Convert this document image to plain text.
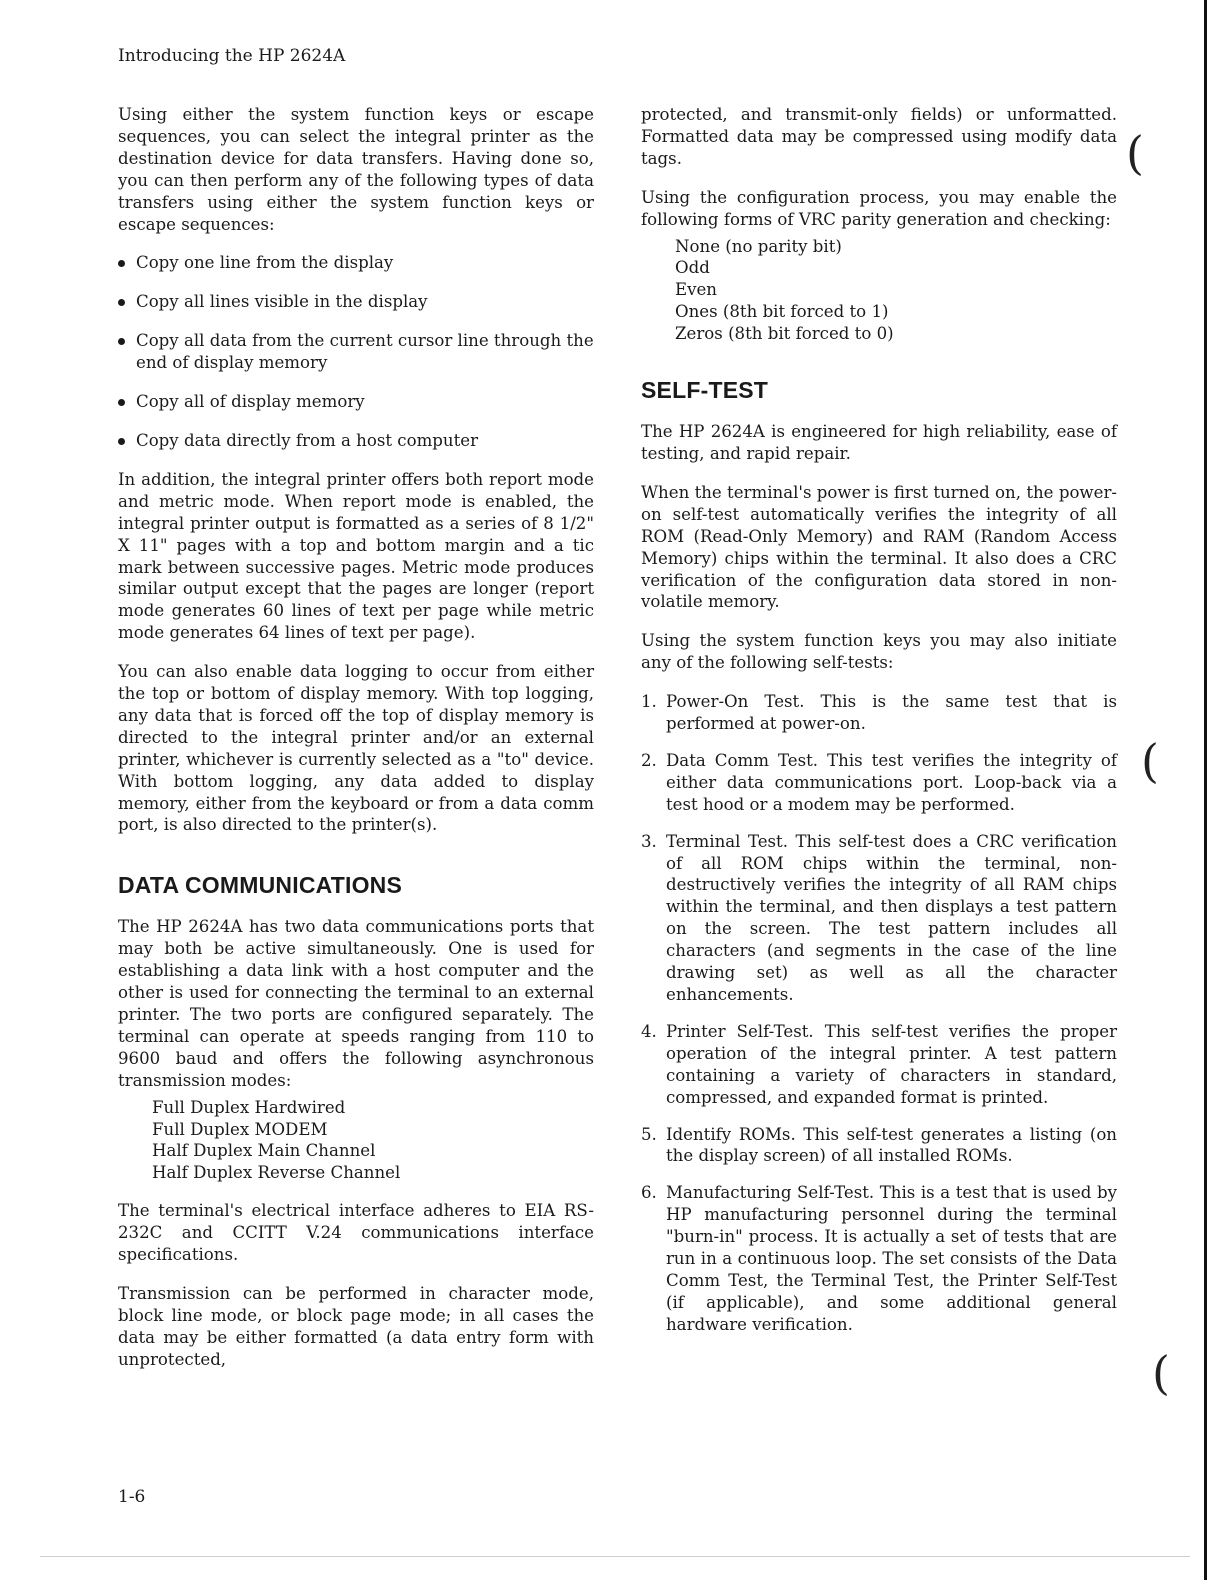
Introducing the HP 2624A

Using either the system function keys or escape sequences, you can select the integral printer as the destination device for data transfers. Having done so, you can then perform any of the following types of data transfers using either the system function keys or escape sequences:

Copy one line from the display
Copy all lines visible in the display
Copy all data from the current cursor line through the end of display memory
Copy all of display memory
Copy data directly from a host computer

In addition, the integral printer offers both report mode and metric mode. When report mode is enabled, the integral printer output is formatted as a series of 8 1/2" X 11" pages with a top and bottom margin and a tic mark between successive pages. Metric mode produces similar output except that the pages are longer (report mode generates 60 lines of text per page while metric mode generates 64 lines of text per page).

You can also enable data logging to occur from either the top or bottom of display memory. With top logging, any data that is forced off the top of display memory is directed to the integral printer and/or an external printer, whichever is currently selected as a "to" device. With bottom logging, any data added to display memory, either from the keyboard or from a data comm port, is also directed to the printer(s).

DATA COMMUNICATIONS

The HP 2624A has two data communications ports that may both be active simultaneously. One is used for establishing a data link with a host computer and the other is used for connecting the terminal to an external printer. The two ports are configured separately. The terminal can operate at speeds ranging from 110 to 9600 baud and offers the following asynchronous transmission modes:

Full Duplex Hardwired
Full Duplex MODEM
Half Duplex Main Channel
Half Duplex Reverse Channel

The terminal's electrical interface adheres to EIA RS-232C and CCITT V.24 communications interface specifications.

Transmission can be performed in character mode, block line mode, or block page mode; in all cases the data may be either formatted (a data entry form with unprotected,

protected, and transmit-only fields) or unformatted. Formatted data may be compressed using modify data tags.

Using the configuration process, you may enable the following forms of VRC parity generation and checking:

None (no parity bit)
Odd
Even
Ones (8th bit forced to 1)
Zeros (8th bit forced to 0)
SELF-TEST

The HP 2624A is engineered for high reliability, ease of testing, and rapid repair.

When the terminal's power is first turned on, the power-on self-test automatically verifies the integrity of all ROM (Read-Only Memory) and RAM (Random Access Memory) chips within the terminal. It also does a CRC verification of the configuration data stored in non-volatile memory.

Using the system function keys you may also initiate any of the following self-tests:

1. Power-On Test. This is the same test that is performed at power-on.
2. Data Comm Test. This test verifies the integrity of either data communications port. Loop-back via a test hood or a modem may be performed.
3. Terminal Test. This self-test does a CRC verification of all ROM chips within the terminal, non-destructively verifies the integrity of all RAM chips within the terminal, and then displays a test pattern on the screen. The test pattern includes all characters (and segments in the case of the line drawing set) as well as all the character enhancements.
4. Printer Self-Test. This self-test verifies the proper operation of the integral printer. A test pattern containing a variety of characters in standard, compressed, and expanded format is printed.
5. Identify ROMs. This self-test generates a listing (on the display screen) of all installed ROMs.
6. Manufacturing Self-Test. This is a test that is used by HP manufacturing personnel during the terminal "burn-in" process. It is actually a set of tests that are run in a continuous loop. The set consists of the Data Comm Test, the Terminal Test, the Printer Self-Test (if applicable), and some additional general hardware verification.
1-6
(
(
(
